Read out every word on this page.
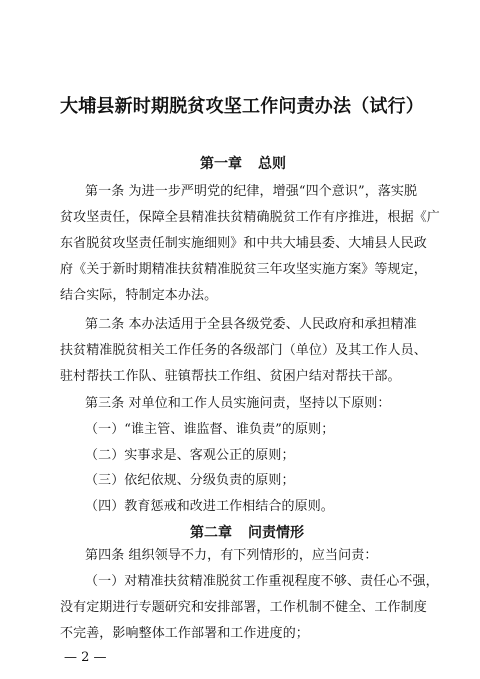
大埔县新时期脱贫攻坚工作问责办法（试行）
第一章 总则
第一条 为进一步严明党的纪律，增强“四个意识”，落实脱
贫攻坚责任，保障全县精准扶贫精确脱贫工作有序推进，根据《广
东省脱贫攻坚责任制实施细则》和中共大埔县委、大埔县人民政
府《关于新时期精准扶贫精准脱贫三年攻坚实施方案》等规定，
结合实际，特制定本办法。
第二条 本办法适用于全县各级党委、人民政府和承担精准
扶贫精准脱贫相关工作任务的各级部门（单位）及其工作人员、
驻村帮扶工作队、驻镇帮扶工作组、贫困户结对帮扶干部。
第三条 对单位和工作人员实施问责，坚持以下原则：
（一）“谁主管、谁监督、谁负责”的原则；
（二）实事求是、客观公正的原则；
（三）依纪依规、分级负责的原则；
（四）教育惩戒和改进工作相结合的原则。
第二章 问责情形
第四条 组织领导不力，有下列情形的，应当问责：
（一）对精准扶贫精准脱贫工作重视程度不够、责任心不强，
没有定期进行专题研究和安排部署，工作机制不健全、工作制度
不完善，影响整体工作部署和工作进度的；
— 2 —
